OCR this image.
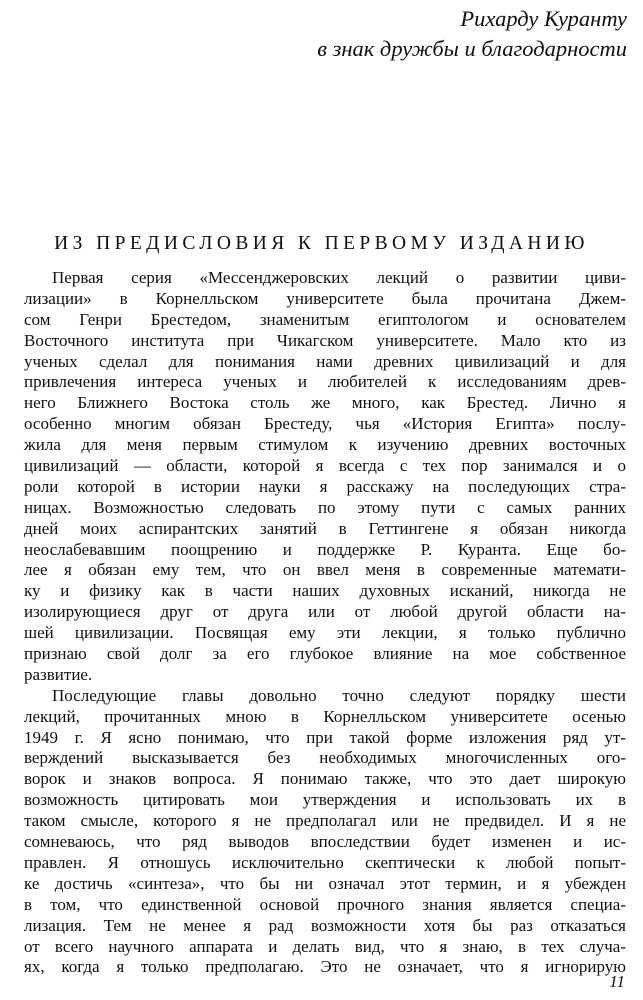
Рихарду Куранту
в знак дружбы и благодарности
ИЗ ПРЕДИСЛОВИЯ К ПЕРВОМУ ИЗДАНИЮ
Первая серия «Мессенджеровских лекций о развитии циви-
лизации» в Корнелльском университете была прочитана Джем-
сом Генри Брестедом, знаменитым египтологом и основателем
Восточного института при Чикагском университете. Мало кто из
ученых сделал для понимания нами древних цивилизаций и для
привлечения интереса ученых и любителей к исследованиям древ-
него Ближнего Востока столь же много, как Брестед. Лично я
особенно многим обязан Брестеду, чья «История Египта» послу-
жила для меня первым стимулом к изучению древних восточных
цивилизаций — области, которой я всегда с тех пор занимался и о
роли которой в истории науки я расскажу на последующих стра-
ницах. Возможностью следовать по этому пути с самых ранних
дней моих аспирантских занятий в Геттингене я обязан никогда
неослабевавшим поощрению и поддержке Р. Куранта. Еще бо-
лее я обязан ему тем, что он ввел меня в современные математи-
ку и физику как в части наших духовных исканий, никогда не
изолирующиеся друг от друга или от любой другой области на-
шей цивилизации. Посвящая ему эти лекции, я только публично
признаю свой долг за его глубокое влияние на мое собственное
развитие.
Последующие главы довольно точно следуют порядку шести
лекций, прочитанных мною в Корнелльском университете осенью
1949 г. Я ясно понимаю, что при такой форме изложения ряд ут-
верждений высказывается без необходимых многочисленных ого-
ворок и знаков вопроса. Я понимаю также, что это дает широкую
возможность цитировать мои утверждения и использовать их в
таком смысле, которого я не предполагал или не предвидел. И я не
сомневаюсь, что ряд выводов впоследствии будет изменен и ис-
правлен. Я отношусь исключительно скептически к любой попыт-
ке достичь «синтеза», что бы ни означал этот термин, и я убежден
в том, что единственной основой прочного знания является специа-
лизация. Тем не менее я рад возможности хотя бы раз отказаться
от всего научного аппарата и делать вид, что я знаю, в тех случа-
ях, когда я только предполагаю. Это не означает, что я игнорирую
11
